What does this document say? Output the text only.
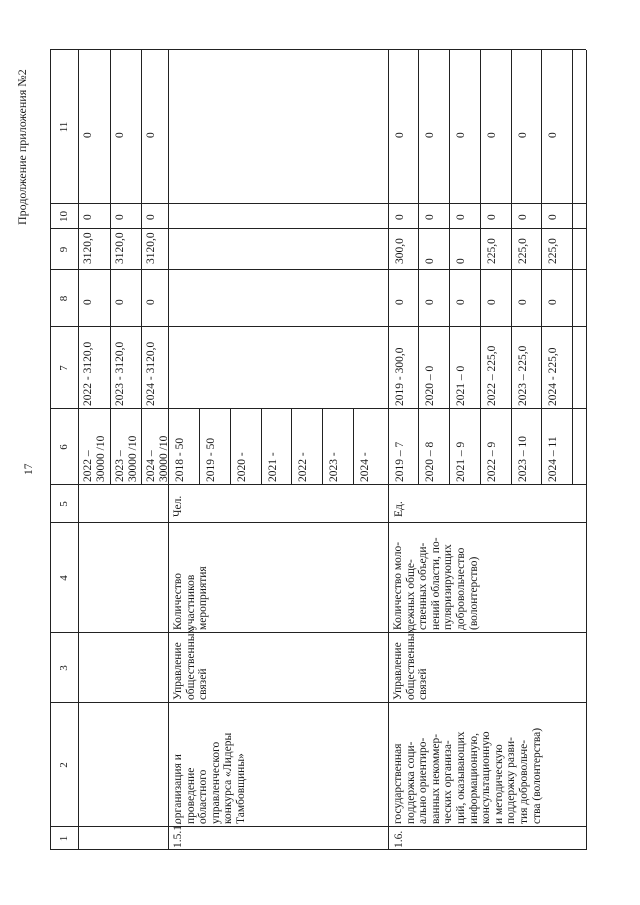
17
Продолжение приложения №2
1
2
3
4
5
6
7
8
9
10
11
2022 –
30000 /10
2022 - 3120,0
0
3120,0
0
0
2023 –
30000 /10
2023 - 3120,0
0
3120,0
0
0
2024 –
30000 /10
2024 - 3120,0
0
3120,0
0
0
1.5.1.
организация и
проведение
областного
управленческого
конкурса «Лидеры
Тамбовщины»
Управление
общественных
связей
Количество
участников
мероприятия
Чел.
2018 - 50 2019 - 50 2020 - 2021 - 2022 - 2023 - 2024 -
1.6.
государственная
поддержка соци-
ально ориентиро-
ванных некоммер-
ческих организа-
ций, оказывающих
информационную,
консультационную
и методическую
поддержку разви-
тия добровольче-
ства (волонтерства)
Управление
общественных
связей
Количество моло-
дежных обще-
ственных объеди-
нений области, по-
пуляризирующих
добровольчество
(волонтерство)
Ед.
2019 – 7
2019 - 300,0
0
300,0
0
0
2020 – 8
2020 – 0
0
0
0
0
2021 – 9
2021 – 0
0
0
0
0
2022 – 9
2022 – 225,0
0
225,0
0
0
2023 – 10
2023 – 225,0
0
225,0
0
0
2024 – 11
2024 - 225,0
0
225,0
0
0
